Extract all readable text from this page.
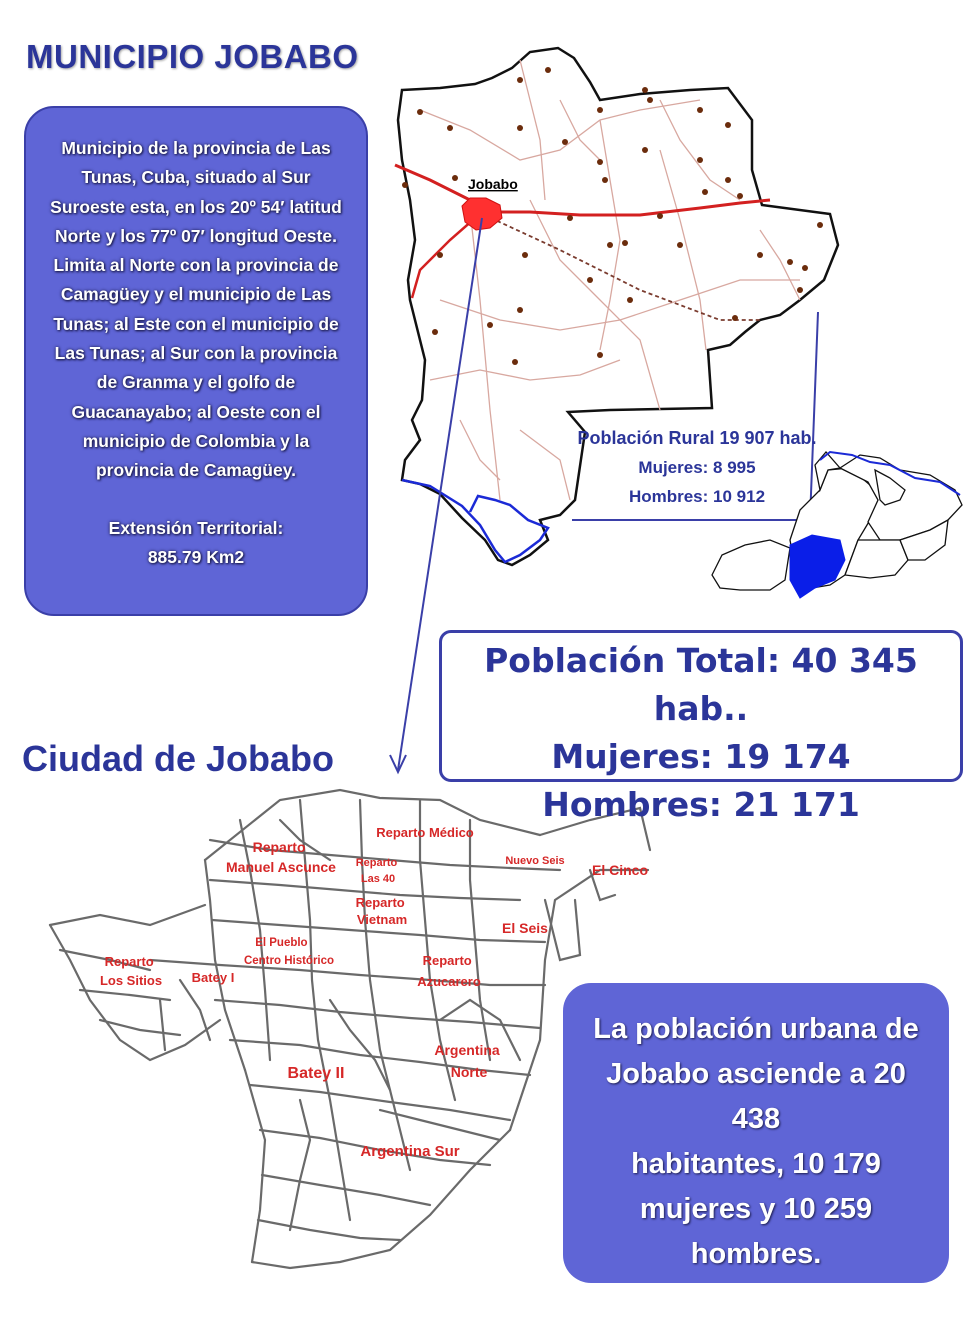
MUNICIPIO JOBABO
Municipio de la provincia de Las
Tunas, Cuba, situado al Sur
Suroeste esta, en los 20º 54′ latitud
Norte y los 77º 07′ longitud Oeste.
Limita al Norte con la provincia de
Camagüey y el municipio de Las
Tunas; al Este con el municipio de
Las Tunas; al Sur con la provincia
de Granma y el golfo de
Guacanayabo; al Oeste con el
municipio de Colombia y la
provincia de Camagüey.
Extensión Territorial:
885.79 Km2
Jobabo
Reparto Médico
Reparto Manuel Ascunce Reparto Las 40
Nuevo Seis
El Cinco
Reparto Vietnam
El Seis
El Pueblo Centro Histórico
Reparto Los Sitios Batey I
Reparto Azucarero
Argentina Norte
Batey II
Argentina Sur
Población Rural 19 907 hab.
Mujeres: 8 995
Hombres: 10 912
Población Total: 40 345 hab..
Mujeres: 19 174
Hombres: 21 171
Ciudad de Jobabo
La población urbana de
Jobabo asciende a 20 438
habitantes, 10 179
mujeres y 10 259
hombres.
